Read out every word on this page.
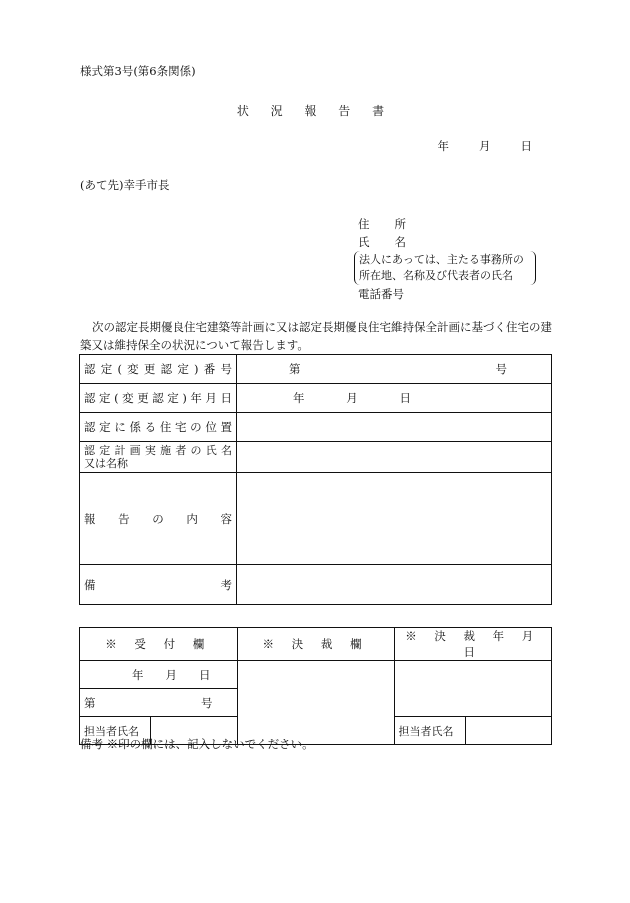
様式第3号(第6条関係)
状 況 報 告 書
年	月	日
(あて先)幸手市長
住 所
氏 名
法人にあっては、主たる事務所の
所在地、名称及び代表者の氏名
電話番号
次の認定長期優良住宅建築等計画に又は認定長期優良住宅維持保全計画に基づく住宅の建築又は維持保全の状況について報告します。
認定(変更認定)番号	第 号

認定(変更認定)年月日	年 月 日

認定に係る住宅の位置	

認定計画実施者の氏名
又は名称	

報 告 の 内 容	

備 考	

※ 受 付 欄		※ 決 裁 欄	※ 決 裁 年 月 日	

年 月 日				

第 号				

担当者氏名			担当者氏名	
備考 ※印の欄には、記入しないでください。
